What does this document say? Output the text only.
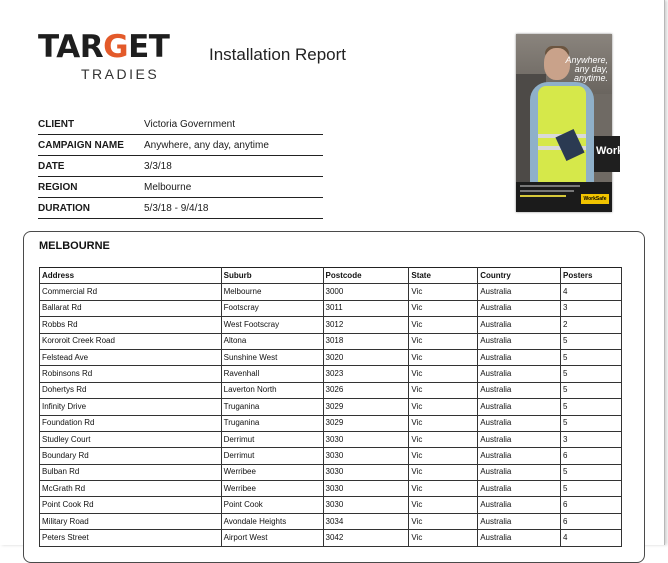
TARGET
TRADIES
Installation Report
CLIENT	Victoria Government
CAMPAIGN NAME Anywhere, any day, anytime
DATE	3/3/18
REGION	Melbourne
DURATION	5/3/18 - 9/4/18
Work
Anywhere, any day, anytime.
WorkSafe
MELBOURNE
Address	Suburb	Postcode	State	Country	Posters
Commercial Rd	Melbourne	3000	Vic	Australia	4
Ballarat Rd	Footscray	3011	Vic	Australia	3
Robbs Rd	West Footscray	3012	Vic	Australia	2
Kororoit Creek Road	Altona	3018	Vic	Australia	5
Felstead Ave	Sunshine West	3020	Vic	Australia	5
Robinsons Rd	Ravenhall	3023	Vic	Australia	5
Dohertys Rd	Laverton North	3026	Vic	Australia	5
Infinity Drive	Truganina	3029	Vic	Australia	5
Foundation Rd	Truganina	3029	Vic	Australia	5
Studley Court	Derrimut	3030	Vic	Australia	3
Boundary Rd	Derrimut	3030	Vic	Australia	6
Bulban Rd	Werribee	3030	Vic	Australia	5
McGrath Rd	Werribee	3030	Vic	Australia	5
Point Cook Rd	Point Cook	3030	Vic	Australia	6
Military Road	Avondale Heights	3034	Vic	Australia	6
Peters Street	Airport West	3042	Vic	Australia	4
